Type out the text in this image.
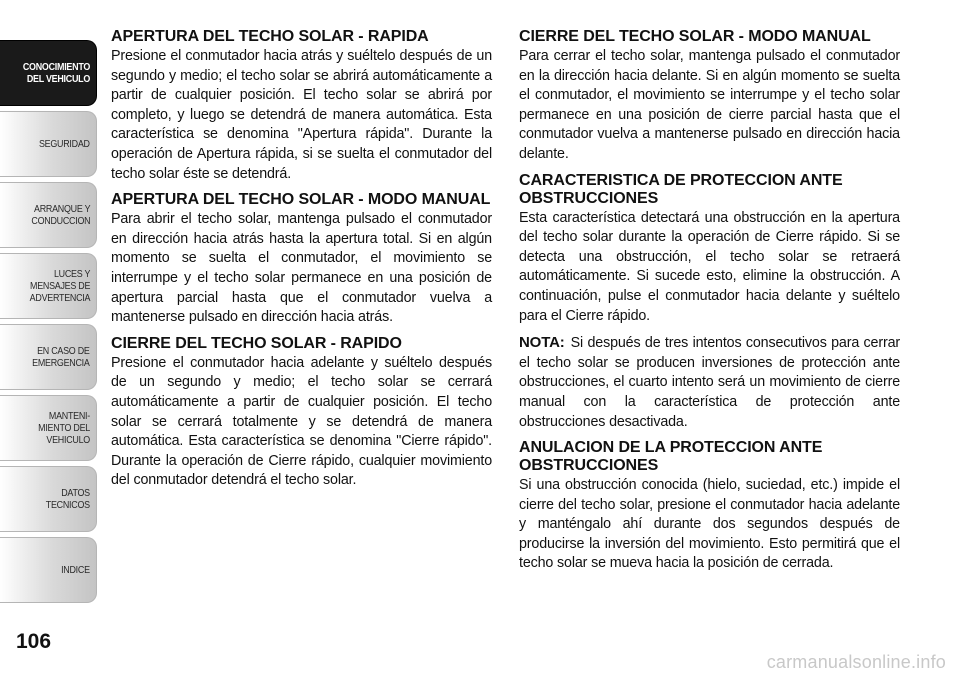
CONOCIMIENTO
DEL VEHICULO
SEGURIDAD
ARRANQUE Y
CONDUCCION
LUCES Y
MENSAJES DE
ADVERTENCIA
EN CASO DE
EMERGENCIA
MANTENI-
MIENTO DEL
VEHICULO
DATOS
TECNICOS
INDICE
106
APERTURA DEL TECHO SOLAR - RAPIDA

Presione el conmutador hacia atrás y suéltelo después de un segundo y medio; el techo solar se abrirá automáticamente a partir de cualquier posición. El techo solar se abrirá por completo, y luego se detendrá de manera automática. Esta característica se denomina "Apertura rápida". Durante la operación de Apertura rápida, si se suelta el conmutador del techo solar éste se detendrá.

APERTURA DEL TECHO SOLAR - MODO MANUAL

Para abrir el techo solar, mantenga pulsado el conmutador en dirección hacia atrás hasta la apertura total. Si en algún momento se suelta el conmutador, el movimiento se interrumpe y el techo solar permanece en una posición de apertura parcial hasta que el conmutador vuelva a mantenerse pulsado en dirección hacia atrás.

CIERRE DEL TECHO SOLAR - RAPIDO

Presione el conmutador hacia adelante y suéltelo después de un segundo y medio; el techo solar se cerrará automáticamente a partir de cualquier posición. El techo solar se cerrará totalmente y se detendrá de manera automática. Esta característica se denomina "Cierre rápido". Durante la operación de Cierre rápido, cualquier movimiento del conmutador detendrá el techo solar.

CIERRE DEL TECHO SOLAR - MODO MANUAL

Para cerrar el techo solar, mantenga pulsado el conmutador en la dirección hacia delante. Si en algún momento se suelta el conmutador, el movimiento se interrumpe y el techo solar permanece en una posición de cierre parcial hasta que el conmutador vuelva a mantenerse pulsado en dirección hacia delante.

CARACTERISTICA DE PROTECCION ANTE OBSTRUCCIONES

Esta característica detectará una obstrucción en la apertura del techo solar durante la operación de Cierre rápido. Si se detecta una obstrucción, el techo solar se retraerá automáticamente. Si sucede esto, elimine la obstrucción. A continuación, pulse el conmutador hacia delante y suéltelo para el Cierre rápido.

NOTA: Si después de tres intentos consecutivos para cerrar el techo solar se producen inversiones de protección ante obstrucciones, el cuarto intento será un movimiento de cierre manual con la característica de protección ante obstrucciones desactivada.

ANULACION DE LA PROTECCION ANTE OBSTRUCCIONES

Si una obstrucción conocida (hielo, suciedad, etc.) impide el cierre del techo solar, presione el conmutador hacia adelante y manténgalo ahí durante dos segundos después de producirse la inversión del movimiento. Esto permitirá que el techo solar se mueva hacia la posición de cerrada.

carmanualsonline.info
